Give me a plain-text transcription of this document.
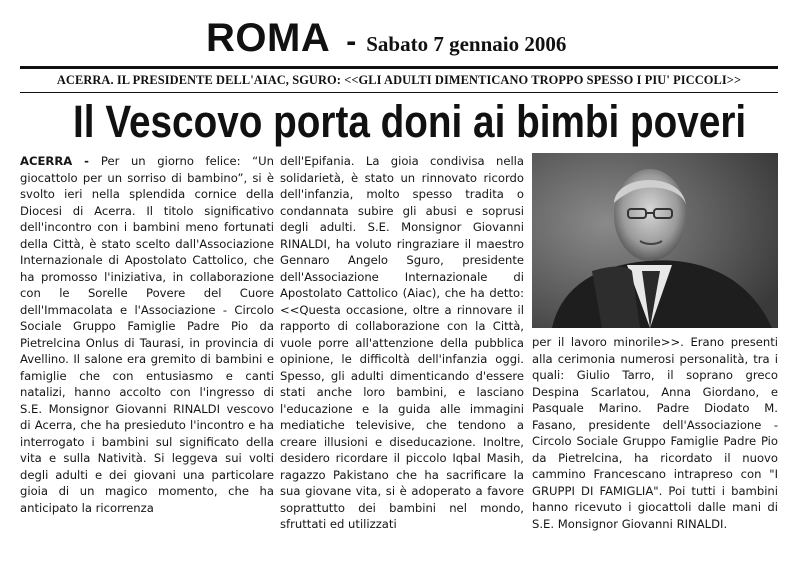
ROMA - Sabato 7 gennaio 2006
ACERRA. IL PRESIDENTE DELL'AIAC, SGURO: <<GLI ADULTI DIMENTICANO TROPPO SPESSO I PIU' PICCOLI>>
Il Vescovo porta doni ai bimbi poveri
ACERRA - Per un giorno felice: “Un giocattolo per un sorriso di bambino”, si è svolto ieri nella splendida cornice della Diocesi di Acerra. Il titolo significativo dell'incontro con i bambini meno fortunati della Città, è stato scelto dall'Associazione Internazionale di Apostolato Cattolico, che ha promosso l'iniziativa, in collaborazione con le Sorelle Povere del Cuore dell'Immacolata e l'Associazione - Circolo Sociale Gruppo Famiglie Padre Pio da Pietrelcina Onlus di Taurasi, in provincia di Avellino. Il salone era gremito di bambini e famiglie che con entusiasmo e canti natalizi, hanno accolto con l'ingresso di S.E. Monsignor Giovanni RINALDI vescovo di Acerra, che ha presieduto l'incontro e ha interrogato i bambini sul significato della vita e sulla Natività. Si leggeva sui volti degli adulti e dei giovani una particolare gioia di un magico momento, che ha anticipato la ricorrenza
dell'Epifania. La gioia condivisa nella solidarietà, è stato un rinnovato ricordo dell'infanzia, molto spesso tradita o condannata subire gli abusi e soprusi degli adulti. S.E. Monsignor Giovanni RINALDI, ha voluto ringraziare il maestro Gennaro Angelo Sguro, presidente dell'Associazione Internazionale di Apostolato Cattolico (Aiac), che ha detto: <<Questa occasione, oltre a rinnovare il rapporto di collaborazione con la Città, vuole porre all'attenzione della pubblica opinione, le difficoltà dell'infanzia oggi. Spesso, gli adulti dimenticando d'essere stati anche loro bambini, e lasciano l'educazione e la guida alle immagini mediatiche televisive, che tendono a creare illusioni e diseducazione. Inoltre, desidero ricordare il piccolo Iqbal Masih, ragazzo Pakistano che ha sacrificare la sua giovane vita, si è adoperato a favore soprattutto dei bambini nel mondo, sfruttati ed utilizzati
per il lavoro minorile>>. Erano presenti alla cerimonia numerosi personalità, tra i quali: Giulio Tarro, il soprano greco Despina Scarlatou, Anna Giordano, e Pasquale Marino. Padre Diodato M. Fasano, presidente dell'Associazione - Circolo Sociale Gruppo Famiglie Padre Pio da Pietrelcina, ha ricordato il nuovo cammino Francescano intrapreso con "I GRUPPI DI FAMIGLIA". Poi tutti i bambini hanno ricevuto i giocattoli dalle mani di S.E. Monsignor Giovanni RINALDI.
